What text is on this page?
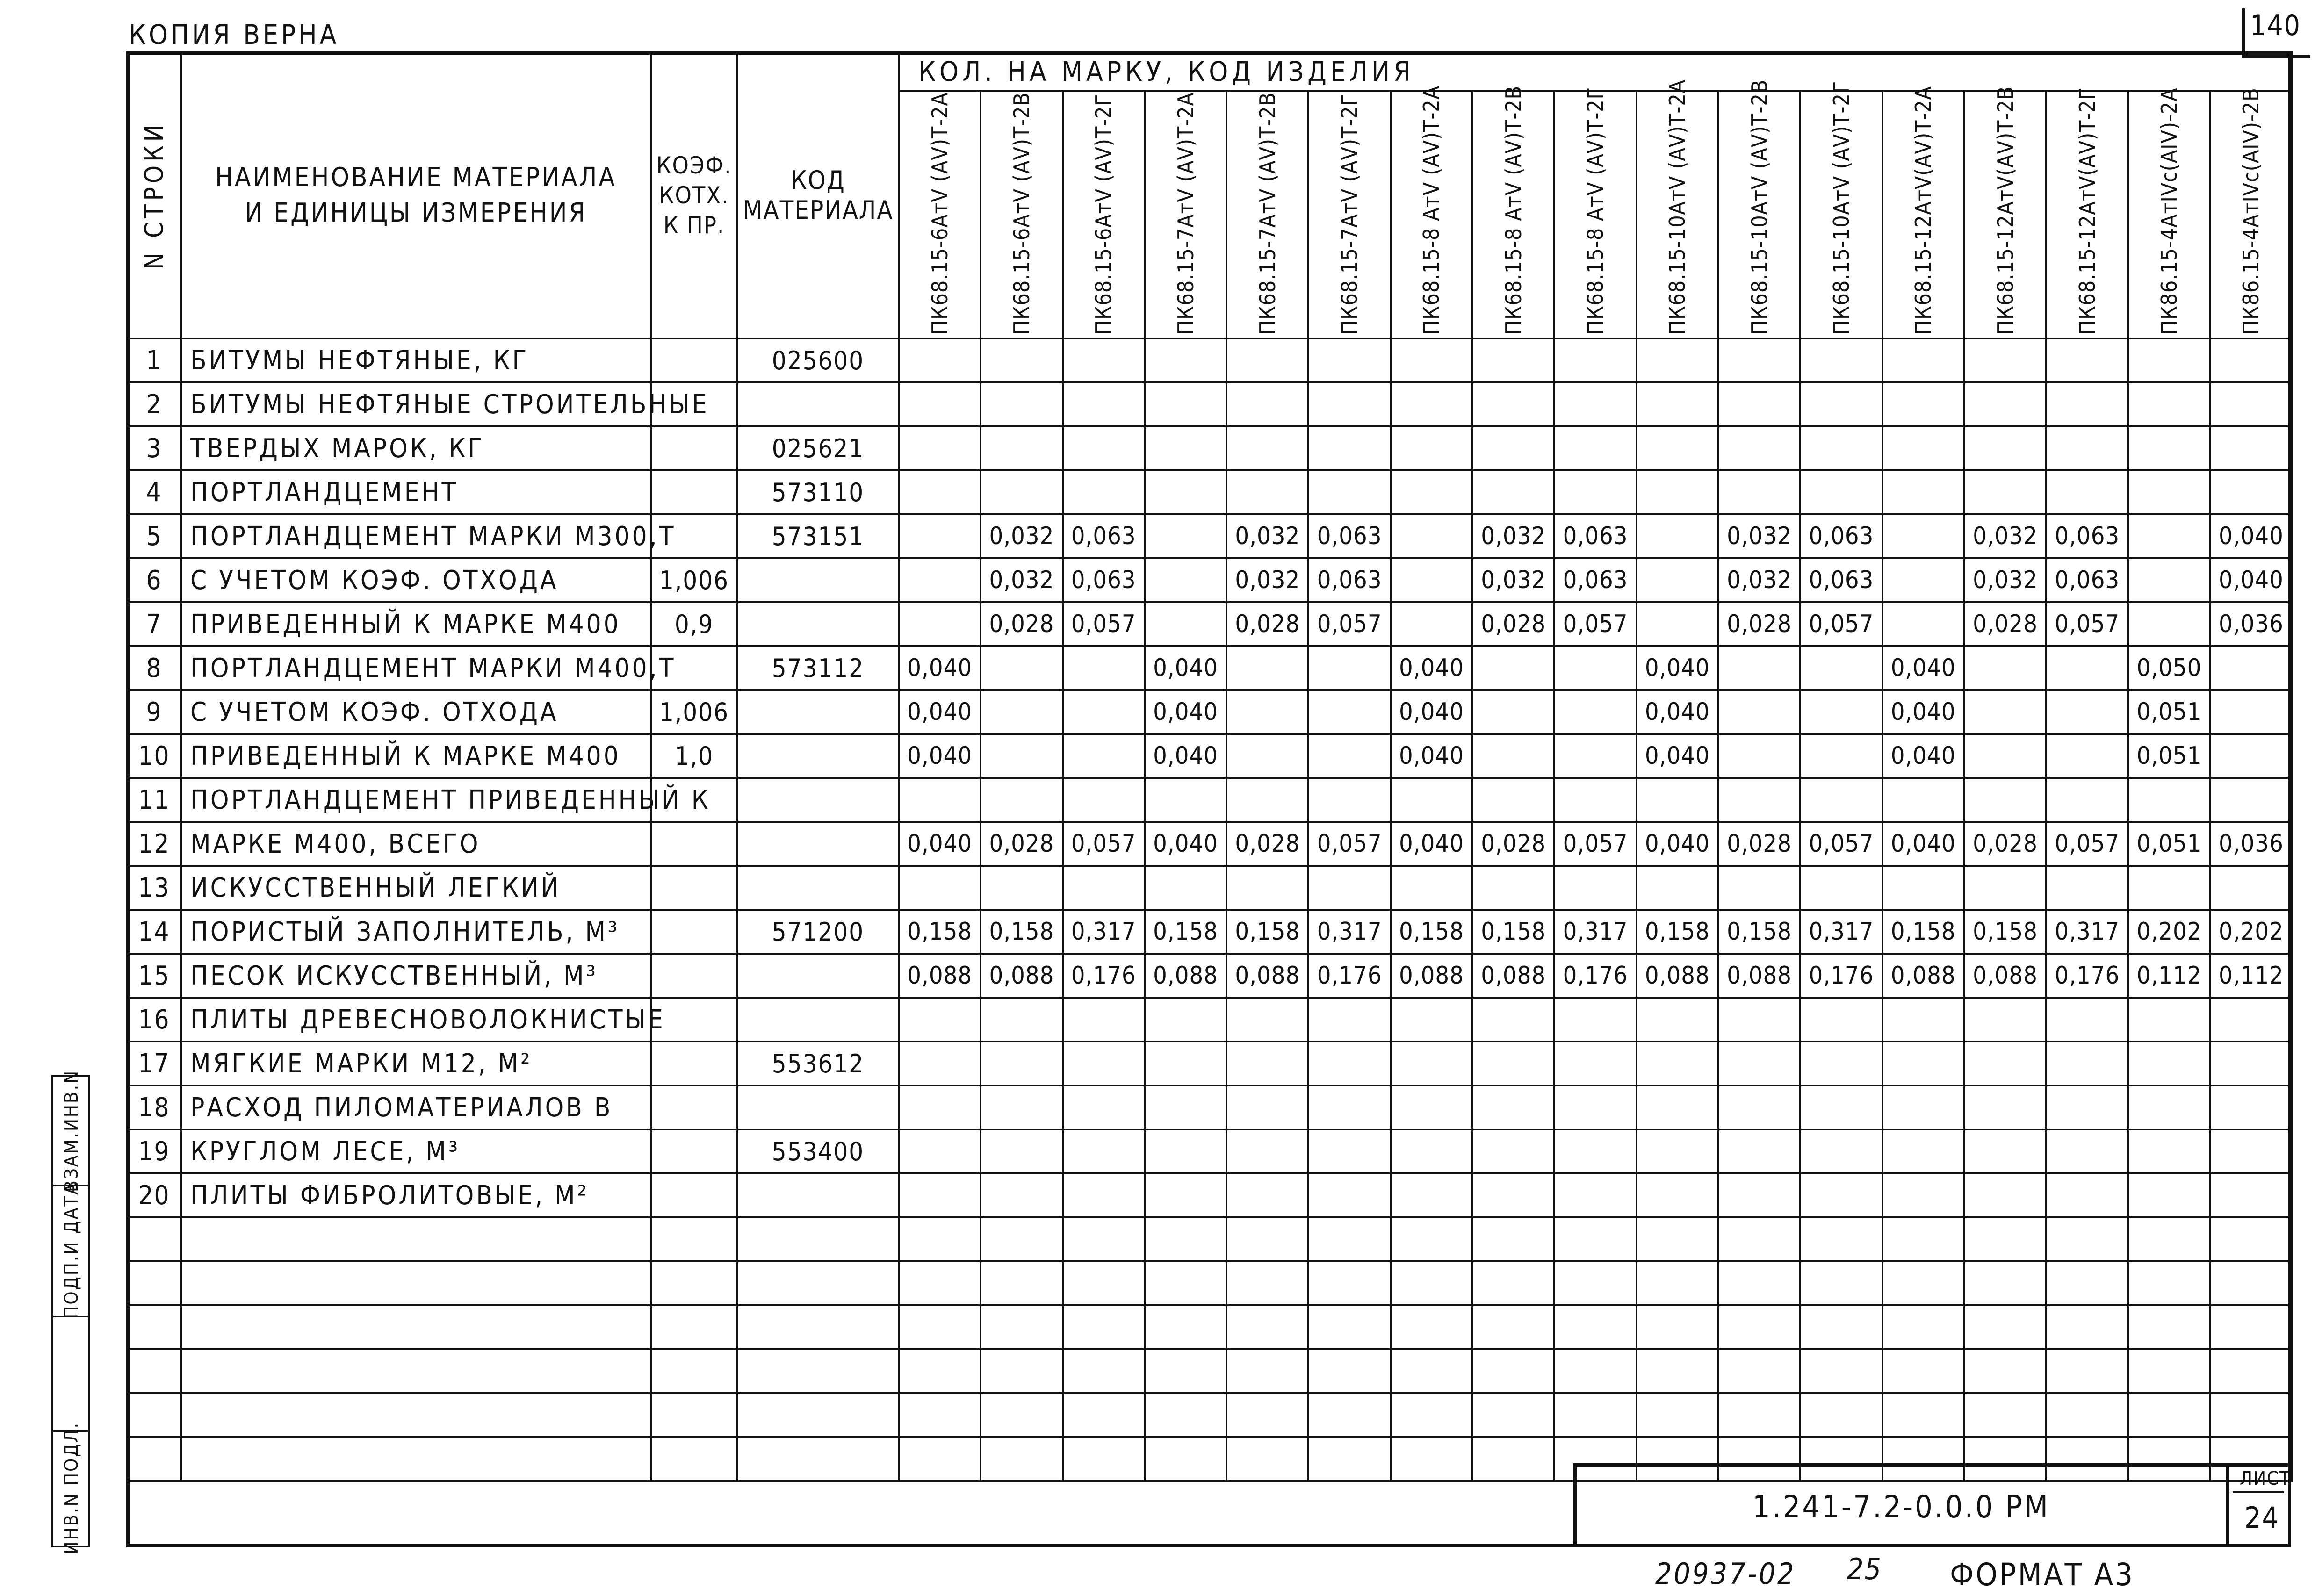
КОПИЯ ВЕРНА	140
N СТРОКИ	НАИМЕНОВАНИЕ МАТЕРИАЛА И ЕДИНИЦЫ ИЗМЕРЕНИЯ	КОЭФ. КОТХ. К ПР.	КОД МАТЕРИАЛА	КОЛ. НА МАРКУ, КОД ИЗДЕЛИЯ																

ПК68.15-6АтV (АV)Т-2А	ПК68.15-6АтV (АV)Т-2В	ПК68.15-6АтV (АV)Т-2Г	ПК68.15-7АтV (АV)Т-2А	ПК68.15-7АтV (АV)Т-2В	ПК68.15-7АтV (АV)Т-2Г	ПК68.15-8 АтV (АV)Т-2А	ПК68.15-8 АтV (АV)Т-2В	ПК68.15-8 АтV (АV)Т-2Г	ПК68.15-10АтV (АV)Т-2А	ПК68.15-10АтV (АV)Т-2В	ПК68.15-10АтV (АV)Т-2Г	ПК68.15-12АтV(АV)Т-2А	ПК68.15-12АтV(АV)Т-2В	ПК68.15-12АтV(АV)Т-2Г	ПК86.15-4АтIVс(АIV)-2А	ПК86.15-4АтIVс(АIV)-2В

1	БИТУМЫ НЕФТЯНЫЕ, КГ		025600																	
2	БИТУМЫ НЕФТЯНЫЕ СТРОИТЕЛЬНЫЕ																			
3	ТВЕРДЫХ МАРОК, КГ		025621																	
4	ПОРТЛАНДЦЕМЕНТ		573110																	
5	ПОРТЛАНДЦЕМЕНТ МАРКИ М300,Т		573151		0,032	0,063		0,032	0,063		0,032	0,063		0,032	0,063		0,032	0,063		0,040
6	С УЧЕТОМ КОЭФ. ОТХОДА	1,006			0,032	0,063		0,032	0,063		0,032	0,063		0,032	0,063		0,032	0,063		0,040
7	ПРИВЕДЕННЫЙ К МАРКЕ М400	0,9			0,028	0,057		0,028	0,057		0,028	0,057		0,028	0,057		0,028	0,057		0,036
8	ПОРТЛАНДЦЕМЕНТ МАРКИ М400,Т		573112	0,040			0,040			0,040			0,040			0,040			0,050	
9	С УЧЕТОМ КОЭФ. ОТХОДА	1,006		0,040			0,040			0,040			0,040			0,040			0,051	
10	ПРИВЕДЕННЫЙ К МАРКЕ М400	1,0		0,040			0,040			0,040			0,040			0,040			0,051	
11	ПОРТЛАНДЦЕМЕНТ ПРИВЕДЕННЫЙ К																			
12	МАРКЕ М400, ВСЕГО			0,040	0,028	0,057	0,040	0,028	0,057	0,040	0,028	0,057	0,040	0,028	0,057	0,040	0,028	0,057	0,051	0,036
13	ИСКУССТВЕННЫЙ ЛЕГКИЙ																			
14	ПОРИСТЫЙ ЗАПОЛНИТЕЛЬ, М³		571200	0,158	0,158	0,317	0,158	0,158	0,317	0,158	0,158	0,317	0,158	0,158	0,317	0,158	0,158	0,317	0,202	0,202
15	ПЕСОК ИСКУССТВЕННЫЙ, М³			0,088	0,088	0,176	0,088	0,088	0,176	0,088	0,088	0,176	0,088	0,088	0,176	0,088	0,088	0,176	0,112	0,112
16	ПЛИТЫ ДРЕВЕСНОВОЛОКНИСТЫЕ																			
17	МЯГКИЕ МАРКИ М12, М²		553612																	
18	РАСХОД ПИЛОМАТЕРИАЛОВ В																			
19	КРУГЛОМ ЛЕСЕ, М³		553400																	
20	ПЛИТЫ ФИБРОЛИТОВЫЕ, М²																			

ВЗАМ.ИНВ.N
ПОДП.И ДАТА
ИНВ.N ПОДЛ.	1.241-7.2-0.0.0 РМ
ЛИСТ
24
20937-02 25 ФОРМАТ А3
